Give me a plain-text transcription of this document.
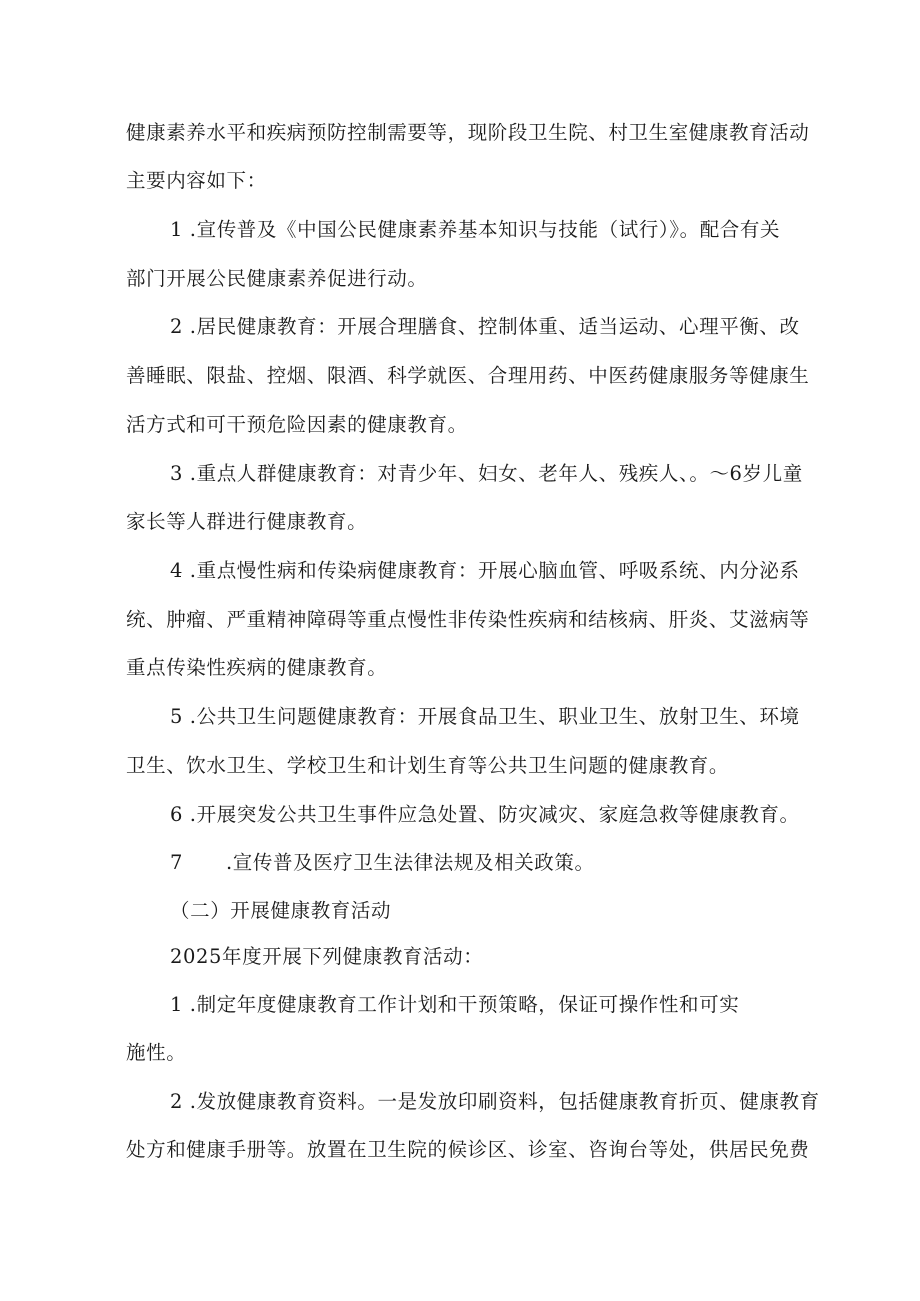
健康素养水平和疾病预防控制需要等，现阶段卫生院、村卫生室健康教育活动
主要内容如下：
1 .宣传普及《中国公民健康素养基本知识与技能（试行）》。配合有关
部门开展公民健康素养促进行动。
2 .居民健康教育：开展合理膳食、控制体重、适当运动、心理平衡、改
善睡眠、限盐、控烟、限酒、科学就医、合理用药、中医药健康服务等健康生
活方式和可干预危险因素的健康教育。
3 .重点人群健康教育：对青少年、妇女、老年人、残疾人、。〜6岁儿童
家长等人群进行健康教育。
4 .重点慢性病和传染病健康教育：开展心脑血管、呼吸系统、内分泌系
统、肿瘤、严重精神障碍等重点慢性非传染性疾病和结核病、肝炎、艾滋病等
重点传染性疾病的健康教育。
5 .公共卫生问题健康教育：开展食品卫生、职业卫生、放射卫生、环境
卫生、饮水卫生、学校卫生和计划生育等公共卫生问题的健康教育。
6 .开展突发公共卫生事件应急处置、防灾减灾、家庭急救等健康教育。
7 .宣传普及医疗卫生法律法规及相关政策。
（二）开展健康教育活动
2025年度开展下列健康教育活动：
1 .制定年度健康教育工作计划和干预策略，保证可操作性和可实
施性。
2 .发放健康教育资料。一是发放印刷资料，包括健康教育折页、健康教育
处方和健康手册等。放置在卫生院的候诊区、诊室、咨询台等处，供居民免费
